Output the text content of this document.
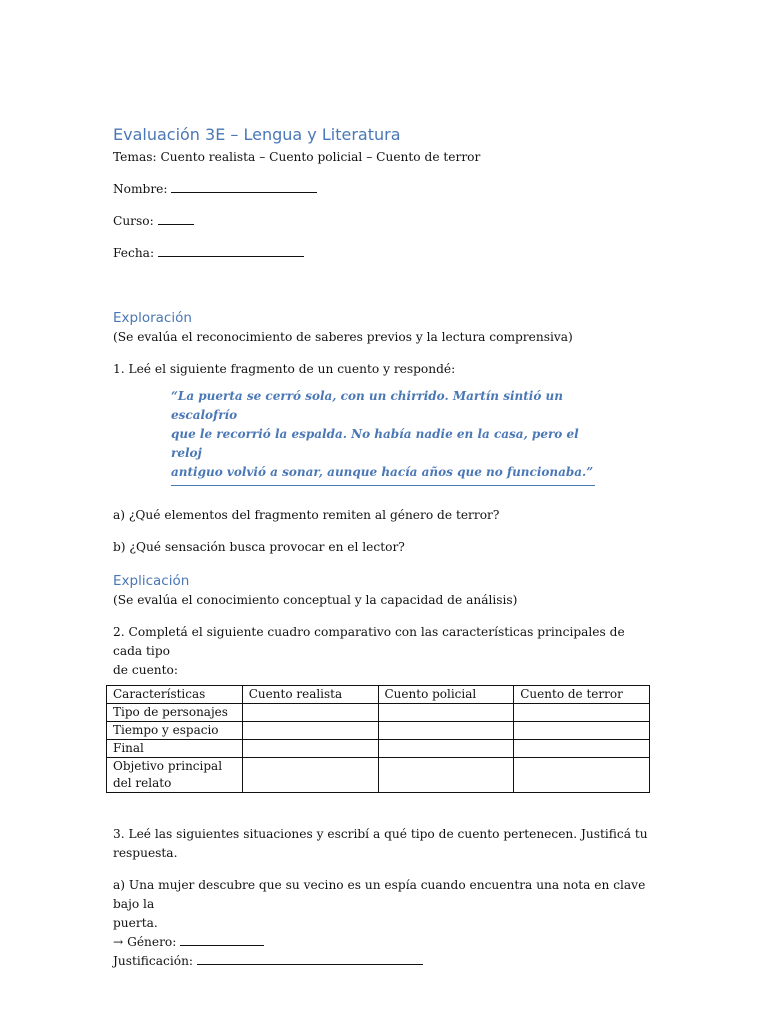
Evaluación 3E – Lengua y Literatura

Temas: Cuento realista – Cuento policial – Cuento de terror

Nombre:

Curso:

Fecha:

Exploración

(Se evalúa el reconocimiento de saberes previos y la lectura comprensiva)

1. Leé el siguiente fragmento de un cuento y respondé:

“La puerta se cerró sola, con un chirrido. Martín sintió un escalofrío
que le recorrió la espalda. No había nadie en la casa, pero el reloj
antiguo volvió a sonar, aunque hacía años que no funcionaba.”

a) ¿Qué elementos del fragmento remiten al género de terror?

b) ¿Qué sensación busca provocar en el lector?

Explicación

(Se evalúa el conocimiento conceptual y la capacidad de análisis)

2. Completá el siguiente cuadro comparativo con las características principales de cada tipo

de cuento:

Características	Cuento realista	Cuento policial	Cuento de terror
Tipo de personajes			
Tiempo y espacio			
Final			

Objetivo principal
del relato			

3. Leé las siguientes situaciones y escribí a qué tipo de cuento pertenecen. Justificá tu

respuesta.

a) Una mujer descubre que su vecino es un espía cuando encuentra una nota en clave bajo la

puerta.

→ Género:

Justificación:
